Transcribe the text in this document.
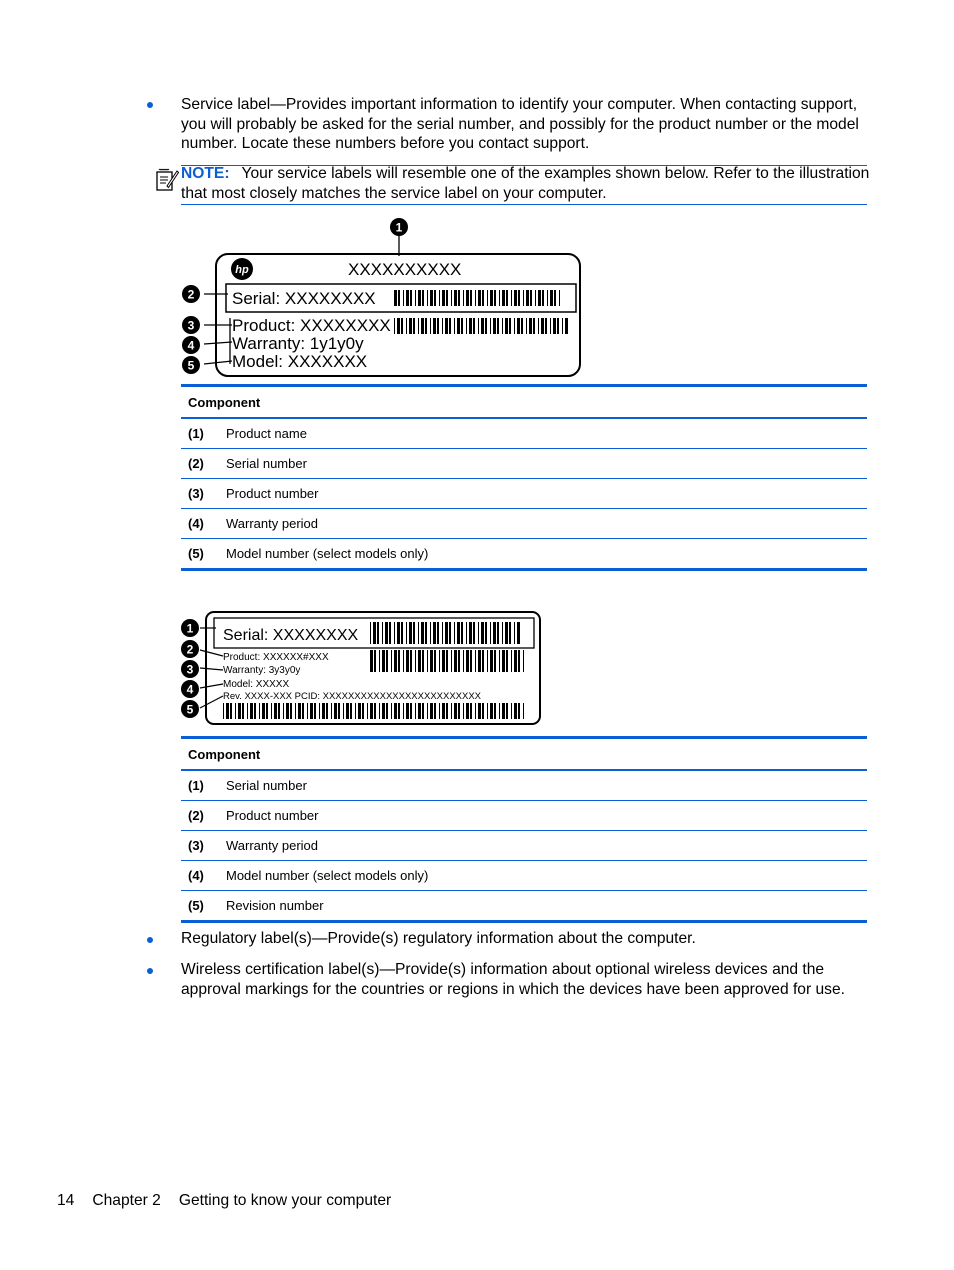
Service label—Provides important information to identify your computer. When contacting support, you will probably be asked for the serial number, and possibly for the product number or the model number. Locate these numbers before you contact support.
NOTE: Your service labels will resemble one of the examples shown below. Refer to the illustration that most closely matches the service label on your computer.
hp	XXXXXXXXXX
Serial: XXXXXXXX
Product: XXXXXXXX
Warranty: 1y1y0y
Model: XXXXXXX
1
2
3
4
5
Component	
(1)	Product name
(2)	Serial number
(3)	Product number
(4)	Warranty period
(5)	Model number (select models only)
Serial: XXXXXXXX
Product: XXXXXX#XXX
Warranty: 3y3y0y
Model: XXXXX
Rev. XXXX-XXX PCID: XXXXXXXXXXXXXXXXXXXXXXXXX
1
2
3
4
5
Component	
(1)	Serial number
(2)	Product number
(3)	Warranty period
(4)	Model number (select models only)
(5)	Revision number
Regulatory label(s)—Provide(s) regulatory information about the computer.
Wireless certification label(s)—Provide(s) information about optional wireless devices and the approval markings for the countries or regions in which the devices have been approved for use.
14 Chapter 2 Getting to know your computer
